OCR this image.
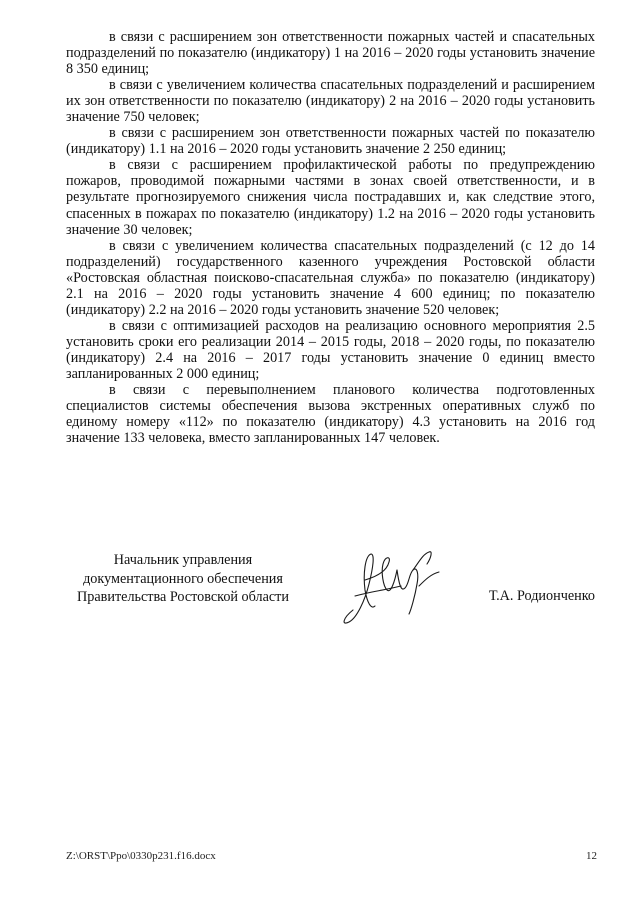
в связи с расширением зон ответственности пожарных частей и спасательных подразделений по показателю (индикатору) 1 на 2016 – 2020 годы установить значение 8 350 единиц;

в связи с увеличением количества спасательных подразделений и расширением их зон ответственности по показателю (индикатору) 2 на 2016 – 2020 годы установить значение 750 человек;

в связи с расширением зон ответственности пожарных частей по показателю (индикатору) 1.1 на 2016 – 2020 годы установить значение 2 250 единиц;

в связи с расширением профилактической работы по предупреждению пожаров, проводимой пожарными частями в зонах своей ответственности, и в результате прогнозируемого снижения числа пострадавших и, как следствие этого, спасенных в пожарах по показателю (индикатору) 1.2 на 2016 – 2020 годы установить значение 30 человек;

в связи с увеличением количества спасательных подразделений (с 12 до 14 подразделений) государственного казенного учреждения Ростовской области «Ростовская областная поисково-спасательная служба» по показателю (индикатору) 2.1 на 2016 – 2020 годы установить значение 4 600 единиц; по показателю (индикатору) 2.2 на 2016 – 2020 годы установить значение 520 человек;

в связи с оптимизацией расходов на реализацию основного мероприятия 2.5 установить сроки его реализации 2014 – 2015 годы, 2018 – 2020 годы, по показателю (индикатору) 2.4 на 2016 – 2017 годы установить значение 0 единиц вместо запланированных 2 000 единиц;

в связи с перевыполнением планового количества подготовленных специалистов системы обеспечения вызова экстренных оперативных служб по единому номеру «112» по показателю (индикатору) 4.3 установить на 2016 год значение 133 человека, вместо запланированных 147 человек.

Начальник управления
документационного обеспечения
Правительства Ростовской области	Т.А. Родионченко
Z:\ORST\Ppo\0330p231.f16.docx	12
